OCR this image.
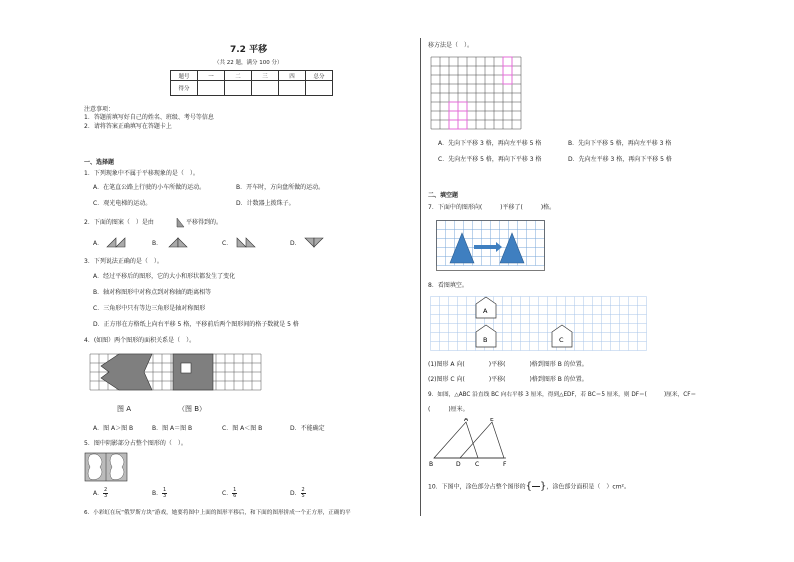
7.2 平移
（共 22 题，满分 100 分）
题号	一	二	三	四	总分
得分					
注意事项：
1．答题前填写好自己的姓名、班级、考号等信息
2．请将答案正确填写在答题卡上
一、选择题
1．下列现象中不属于平移现象的是（　）。
A．在笔直公路上行驶的小车所做的运动。	B．开车时，方向盘所做的运动。
C．观光电梯的运动。	D．计数器上拨珠子。
2．下面的图案（　）是由	平移得到的。
A．	B．	C．	D．
3．下列说法正确的是（　）。
A．经过平移后的图形，它的大小和形状都发生了变化
B．轴对称图形中对称点到对称轴的距离相等
C．三角形中只有等边三角形是轴对称图形
D．正方形在方格纸上向右平移 5 格，平移前后两个图形间的格子数就是 5 格
4．(如图）两个图形的面积关系是（　）。
图 A	（图 B）
A．图 A＞图 B	B．图 A＝图 B	C．图 A＜图 B	D．不能确定
5．图中阴影部分占整个图形的（　）。
A． $\frac{2}{3}$	B． $\frac{1}{3}$	C． $\frac{1}{6}$	D． $\frac{2}{5}$
6．小彩虹在玩“俄罗斯方块”游戏，她要将图中上面的图形平移后，和下面的图形拼成一个正方形，正确的平
移方法是（　）。
A．先向下平移 3 格，再向左平移 5 格	B．先向下平移 5 格，再向左平移 3 格
C．先向左平移 5 格，再向下平移 3 格	D．先向左平移 3 格，再向下平移 5 格
二、填空题
7．下面中的图形向(　　　)平移了(　　　)格。
8．看图填空。
A
B	C
(1)图形 A 向(　　　　)平移(　　　　)格到图形 B 的位置。
(2)图形 C 向(　　　　)平移(　　　　)格到图形 B 的位置。
9．如图，△ABC 沿直线 BC 向右平移 3 厘米，得到△EDF，若 BC＝5 厘米，则 DF＝(　　　)厘米，CF＝
(　　　)厘米。
B	D C	F
A	E
10．下图中，涂色部分占整个图形的{ }，涂色部分面积是（　）cm²。
